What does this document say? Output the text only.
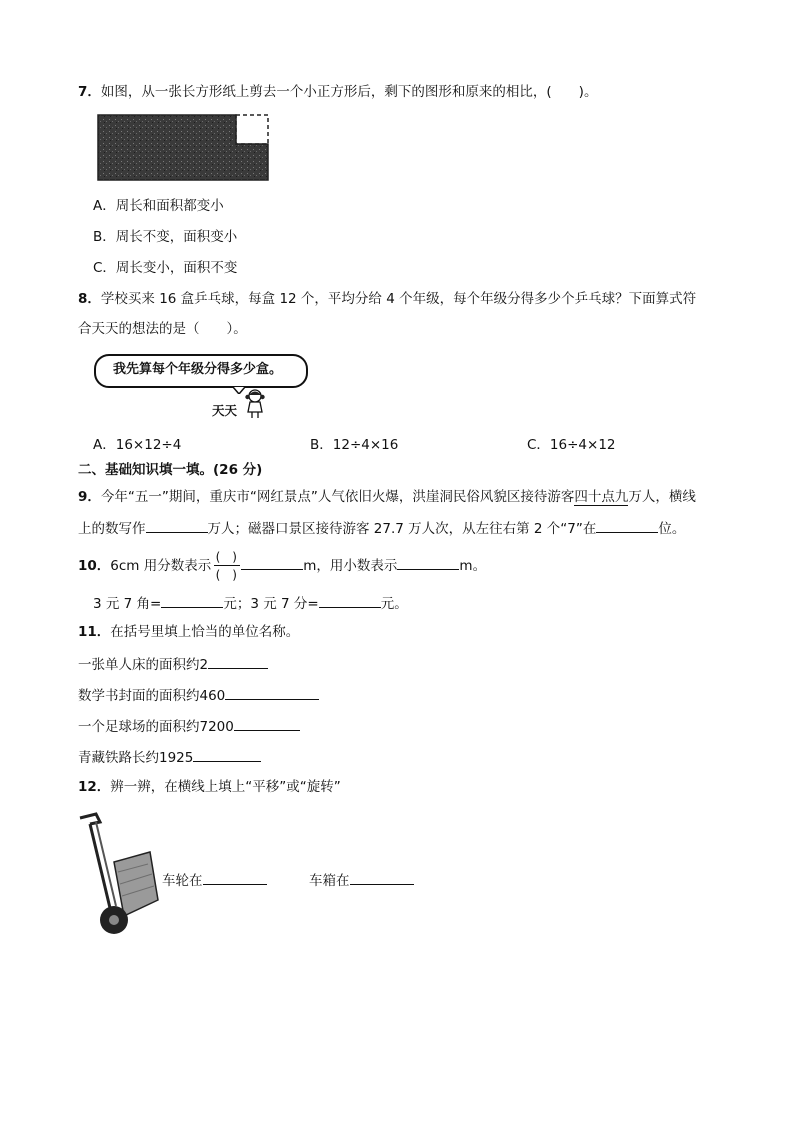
7．如图，从一张长方形纸上剪去一个小正方形后，剩下的图形和原来的相比，(　　)。
A．周长和面积都变小
B．周长不变，面积变小
C．周长变小，面积不变
8．学校买来 16 盒乒乓球，每盒 12 个，平均分给 4 个年级，每个年级分得多少个乒乓球？下面算式符
合天天的想法的是（　　）。
我先算每个年级分得多少盒。
天天
A．16×12÷4	B．12÷4×16	C．16÷4×12
二、基础知识填一填。(26 分)
9．今年“五一”期间，重庆市“网红景点”人气依旧火爆，洪崖洞民俗风貌区接待游客四十点九万人，横线
上的数写作	万人；磁器口景区接待游客 27.7 万人次，从左往右第 2 个“7”在	位。
10．6cm 用分数表示 $\frac{( )}{( )}$	m，用小数表示	m。
3 元 7 角=	元；3 元 7 分=	元。
11．在括号里填上恰当的单位名称。
一张单人床的面积约2
数学书封面的面积约460
一个足球场的面积约7200
青藏铁路长约1925
12．辨一辨，在横线上填上“平移”或“旋转”
车轮在	车箱在
